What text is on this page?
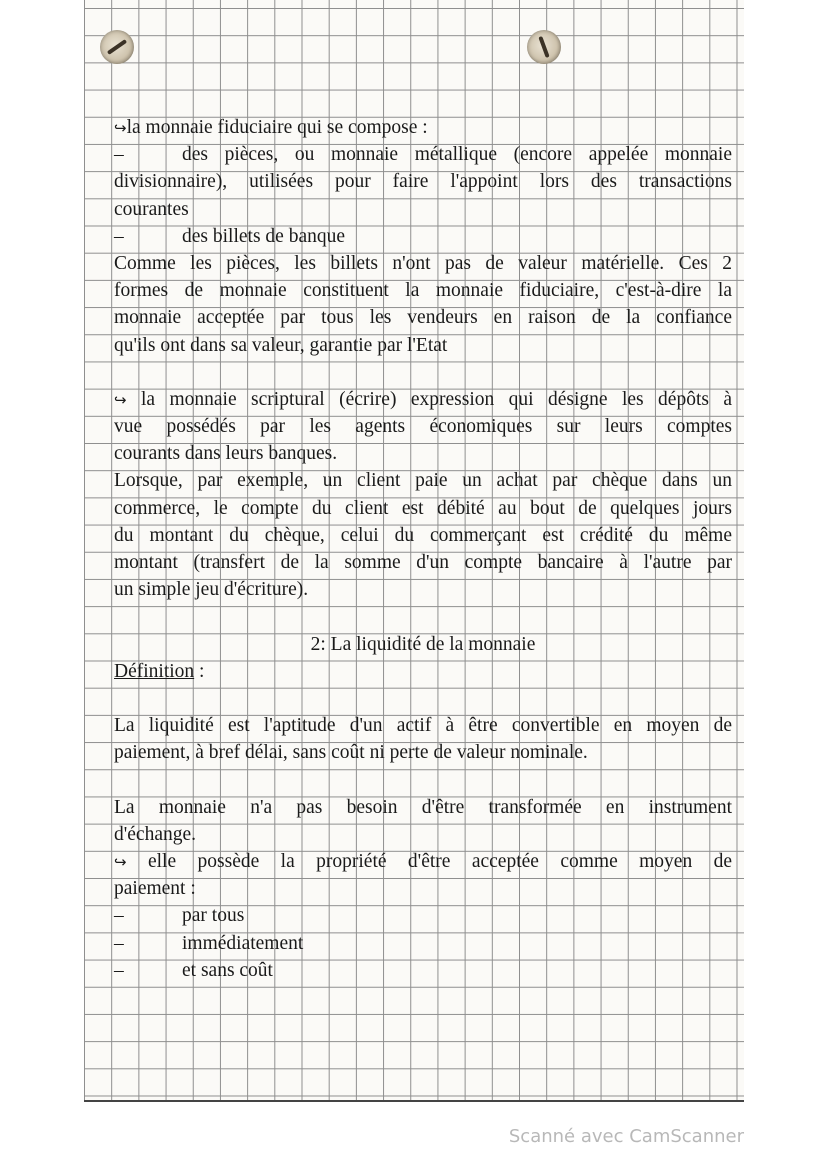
↪la monnaie fiduciaire qui se compose :
–	des pièces, ou monnaie métallique (encore appelée monnaie
divisionnaire), utilisées pour faire l'appoint lors des transactions
courantes
–	des billets de banque
Comme les pièces, les billets n'ont pas de valeur matérielle. Ces 2
formes de monnaie constituent la monnaie fiduciaire, c'est-à-dire la
monnaie acceptée par tous les vendeurs en raison de la confiance
qu'ils ont dans sa valeur, garantie par l'Etat
↪ la monnaie scriptural (écrire) expression qui désigne les dépôts à
vue possédés par les agents économiques sur leurs comptes
courants dans leurs banques.
Lorsque, par exemple, un client paie un achat par chèque dans un
commerce, le compte du client est débité au bout de quelques jours
du montant du chèque, celui du commerçant est crédité du même
montant (transfert de la somme d'un compte bancaire à l'autre par
un simple jeu d'écriture).
2: La liquidité de la monnaie
Définition :
La liquidité est l'aptitude d'un actif à être convertible en moyen de
paiement, à bref délai, sans coût ni perte de valeur nominale.
La monnaie n'a pas besoin d'être transformée en instrument
d'échange.
↪ elle possède la propriété d'être acceptée comme moyen de
paiement :
–	par tous
–	immédiatement
–	et sans coût
Scanné avec CamScanner
